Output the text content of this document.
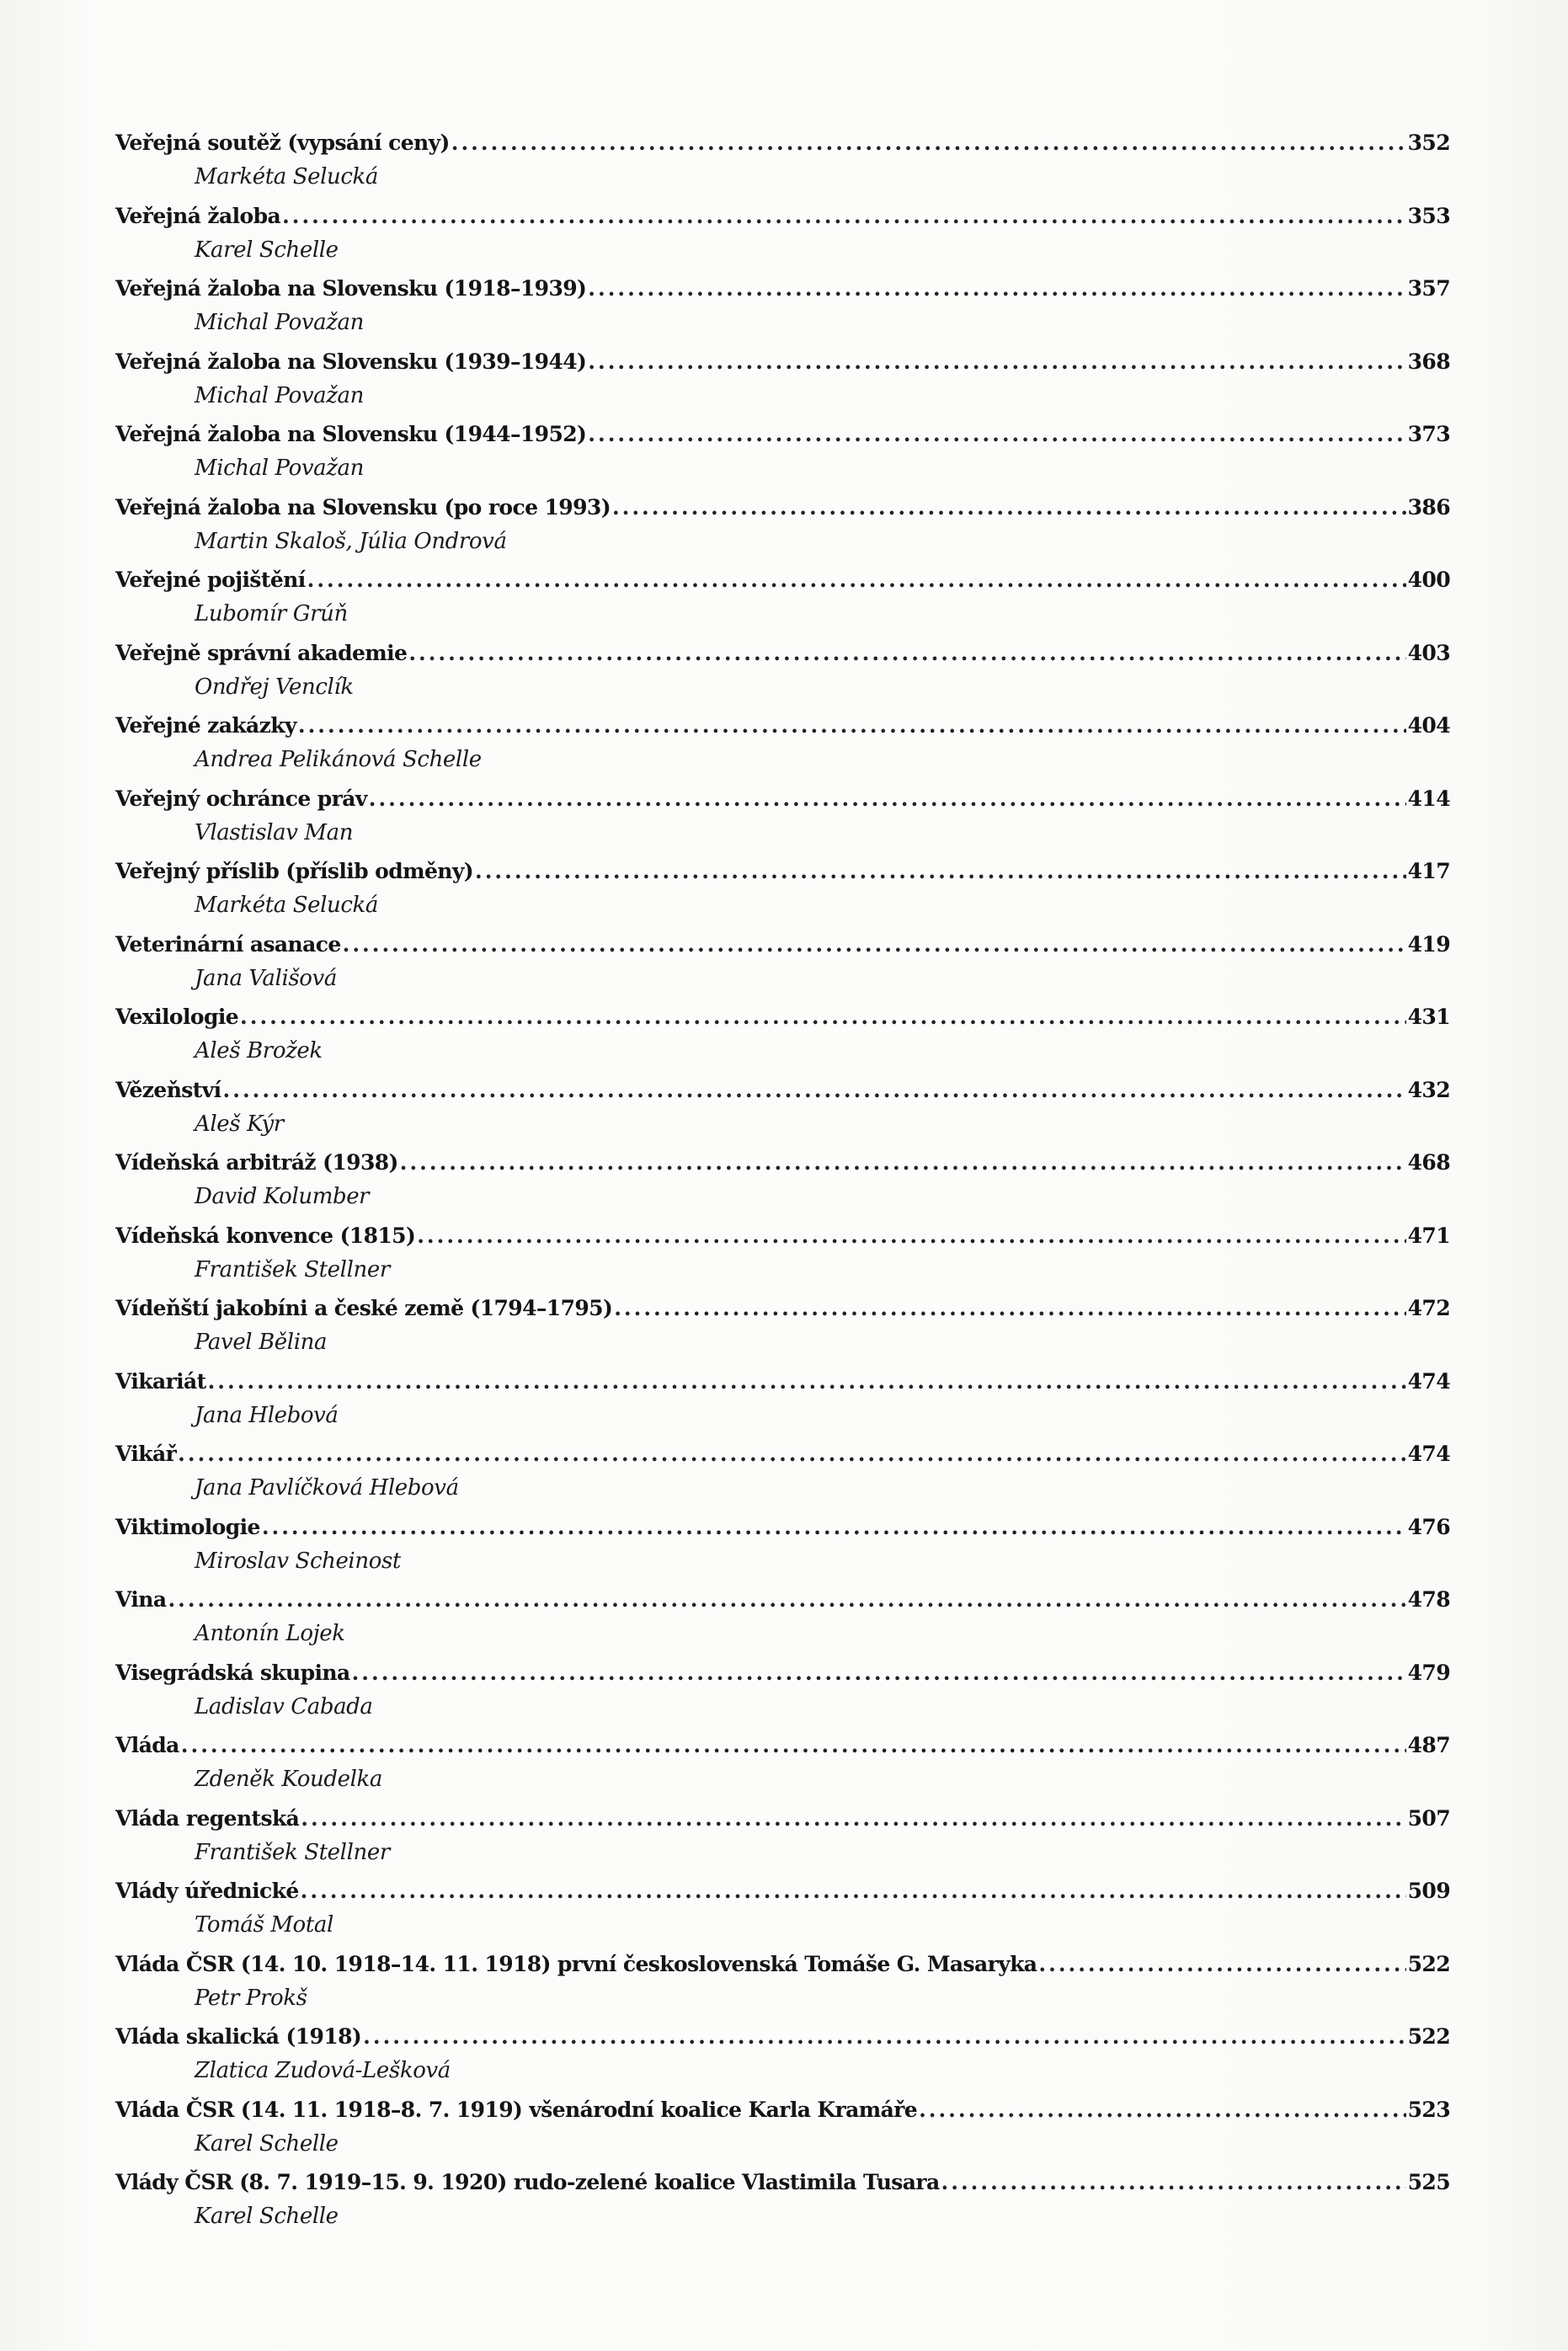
Veřejná soutěž (vypsání ceny) .....	352
Markéta Selucká
Veřejná žaloba .....	353
Karel Schelle
Veřejná žaloba na Slovensku (1918–1939) .....	357
Michal Považan
Veřejná žaloba na Slovensku (1939–1944) .....	368
Michal Považan
Veřejná žaloba na Slovensku (1944–1952) .....	373
Michal Považan
Veřejná žaloba na Slovensku (po roce 1993) .....	386
Martin Skaloš, Júlia Ondrová
Veřejné pojištění .....	400
Lubomír Grúň
Veřejně správní akademie .....	403
Ondřej Venclík
Veřejné zakázky .....	404
Andrea Pelikánová Schelle
Veřejný ochránce práv .....	414
Vlastislav Man
Veřejný příslib (příslib odměny) .....	417
Markéta Selucká
Veterinární asanace .....	419
Jana Vališová
Vexilologie .....	431
Aleš Brožek
Vězeňství .....	432
Aleš Kýr
Vídeňská arbitráž (1938) .....	468
David Kolumber
Vídeňská konvence (1815) .....	471
František Stellner
Vídeňští jakobíni a české země (1794–1795) .....	472
Pavel Bělina
Vikariát .....	474
Jana Hlebová
Vikář .....	474
Jana Pavlíčková Hlebová
Viktimologie .....	476
Miroslav Scheinost
Vina .....	478
Antonín Lojek
Visegrádská skupina .....	479
Ladislav Cabada
Vláda .....	487
Zdeněk Koudelka
Vláda regentská .....	507
František Stellner
Vlády úřednické .....	509
Tomáš Motal
Vláda ČSR (14. 10. 1918–14. 11. 1918) první československá Tomáše G. Masaryka .....	522
Petr Prokš
Vláda skalická (1918) .....	522
Zlatica Zudová-Lešková
Vláda ČSR (14. 11. 1918–8. 7. 1919) všenárodní koalice Karla Kramáře .....	523
Karel Schelle
Vlády ČSR (8. 7. 1919–15. 9. 1920) rudo-zelené koalice Vlastimila Tusara .....	525
Karel Schelle
